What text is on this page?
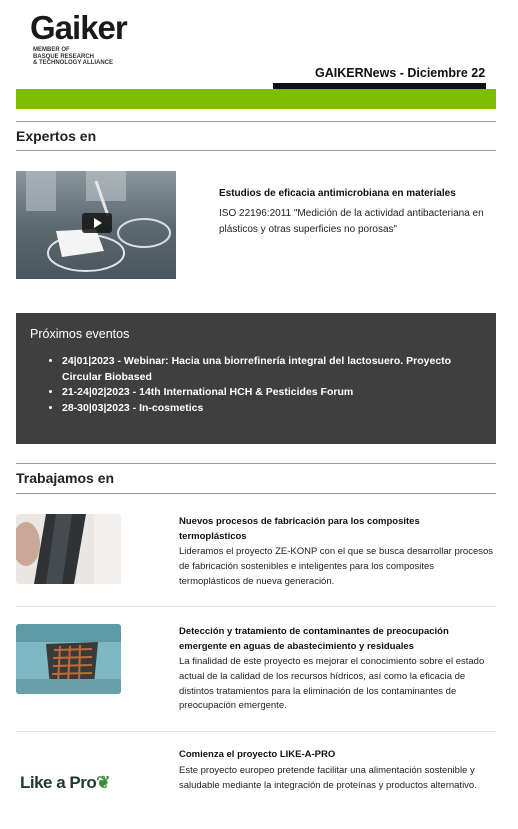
Gaiker
MEMBER OF
BASQUE RESEARCH
& TECHNOLOGY ALLIANCE
GAIKERNews - Diciembre 22
Expertos en
Estudios de eficacia antimicrobiana en materiales
ISO 22196:2011 "Medición de la actividad antibacteriana en plásticos y otras superficies no porosas"
Próximos eventos
• 24|01|2023 - Webinar: Hacia una biorrefinería integral del lactosuero. Proyecto Circular Biobased
• 21-24|02|2023 - 14th International HCH & Pesticides Forum
• 28-30|03|2023 - In-cosmetics
Trabajamos en
Nuevos procesos de fabricación para los composites termoplásticos
Lideramos el proyecto ZE-KONP con el que se busca desarrollar procesos de fabricación sostenibles e inteligentes para los composites termoplásticos de nueva generación.
Detección y tratamiento de contaminantes de preocupación emergente en aguas de abastecimiento y residuales
La finalidad de este proyecto es mejorar el conocimiento sobre el estado actual de la calidad de los recursos hídricos, así como la eficacia de distintos tratamientos para la eliminación de los contaminantes de preocupación emergente.
Like a Pro❦
Comienza el proyecto LIKE-A-PRO
Este proyecto europeo pretende facilitar una alimentación sostenible y saludable mediante la integración de proteínas y productos alternativo.
